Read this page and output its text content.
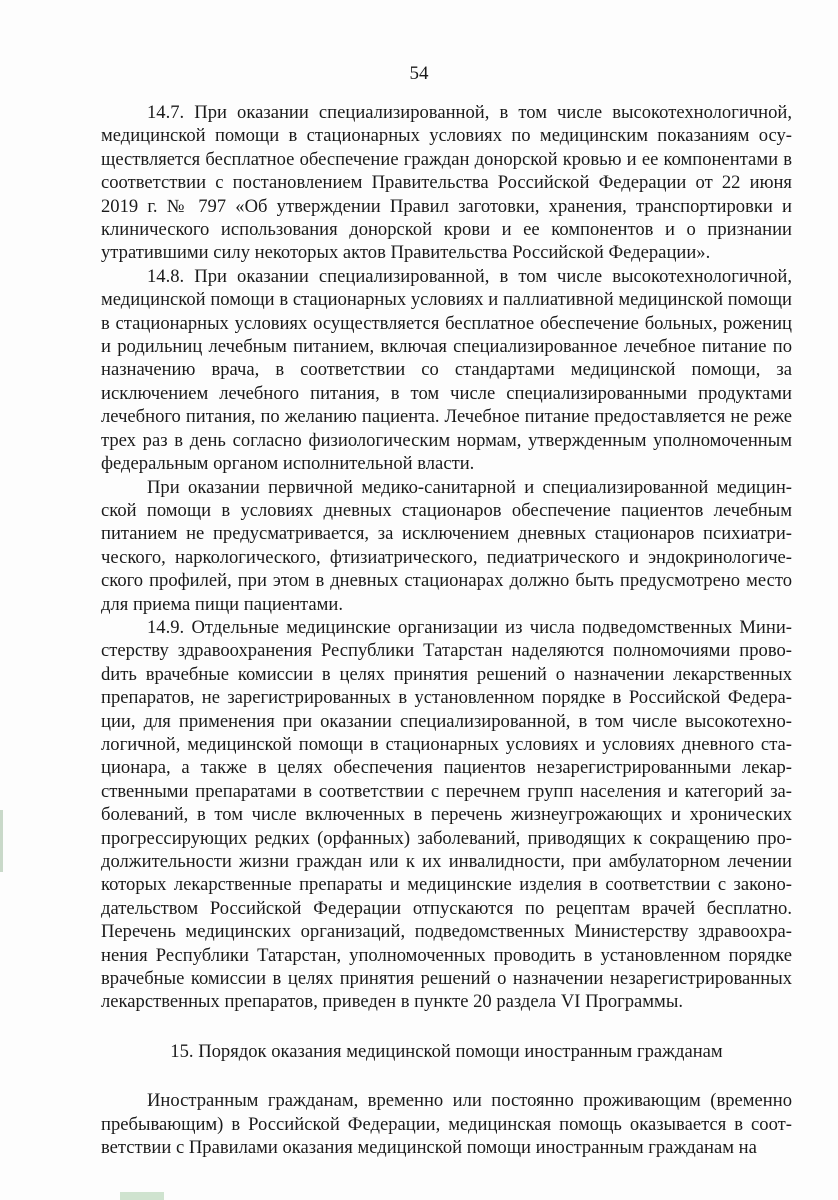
54

14.7. При оказании специализированной, в том числе высокотехнологичной, медицинской помощи в стационарных условиях по медицинским показаниям осуществляется бесплатное обеспечение граждан донорской кровью и ее компонентами в соответствии с постановлением Правительства Российской Федерации от 22 июня 2019 г. № 797 «Об утверждении Правил заготовки, хранения, транспортировки и клинического использования донорской крови и ее компонентов и о признании утратившими силу некоторых актов Правительства Российской Федерации».

14.8. При оказании специализированной, в том числе высокотехнологичной, медицинской помощи в стационарных условиях и паллиативной медицинской помощи в стационарных условиях осуществляется бесплатное обеспечение больных, рожениц и родильниц лечебным питанием, включая специализированное лечебное питание по назначению врача, в соответствии со стандартами медицинской помощи, за исключением лечебного питания, в том числе специализированными продуктами лечебного питания, по желанию пациента. Лечебное питание предоставляется не реже трех раз в день согласно физиологическим нормам, утвержденным уполномоченным федеральным органом исполнительной власти.

При оказании первичной медико-санитарной и специализированной медицинской помощи в условиях дневных стационаров обеспечение пациентов лечебным питанием не предусматривается, за исключением дневных стационаров психиатрического, наркологического, фтизиатрического, педиатрического и эндокринологического профилей, при этом в дневных стационарах должно быть предусмотрено место для приема пищи пациентами.

14.9. Отдельные медицинские организации из числа подведомственных Министерству здравоохранения Республики Татарстан наделяются полномочиями провоdить врачебные комиссии в целях принятия решений о назначении лекарственных препаратов, не зарегистрированных в установленном порядке в Российской Федерации, для применения при оказании специализированной, в том числе высокотехнологичной, медицинской помощи в стационарных условиях и условиях дневного стационара, а также в целях обеспечения пациентов незарегистрированными лекарственными препаратами в соответствии с перечнем групп населения и категорий заболеваний, в том числе включенных в перечень жизнеугрожающих и хронических прогрессирующих редких (орфанных) заболеваний, приводящих к сокращению продолжительности жизни граждан или к их инвалидности, при амбулаторном лечении которых лекарственные препараты и медицинские изделия в соответствии с законодательством Российской Федерации отпускаются по рецептам врачей бесплатно. Перечень медицинских организаций, подведомственных Министерству здравоохранения Республики Татарстан, уполномоченных проводить в установленном порядке врачебные комиссии в целях принятия решений о назначении незарегистрированных лекарственных препаратов, приведен в пункте 20 раздела VI Программы.

15. Порядок оказания медицинской помощи иностранным гражданам

Иностранным гражданам, временно или постоянно проживающим (временно пребывающим) в Российской Федерации, медицинская помощь оказывается в соответствии с Правилами оказания медицинской помощи иностранным гражданам на
